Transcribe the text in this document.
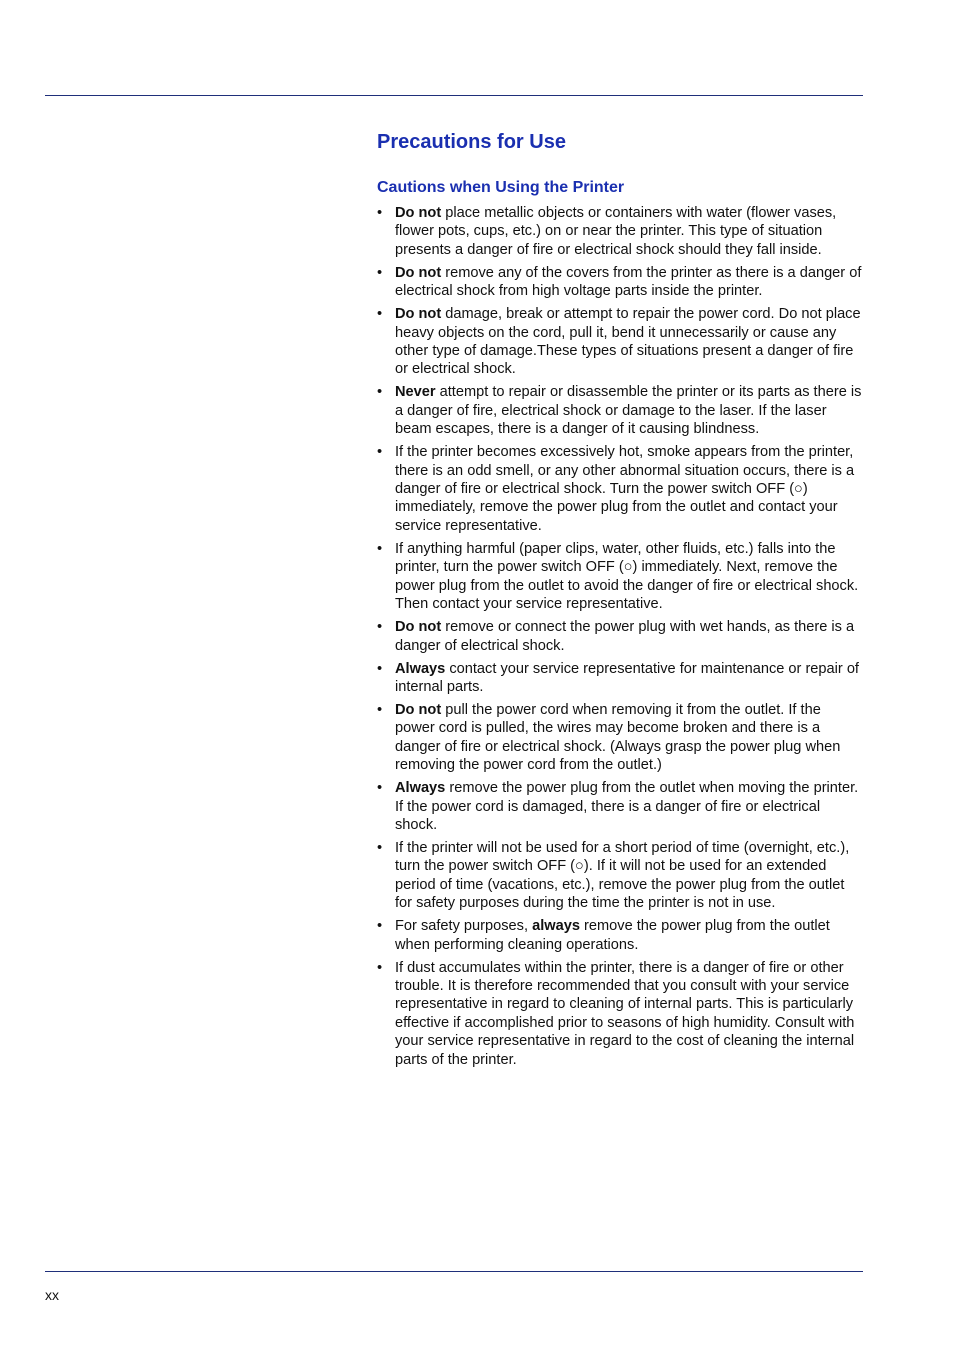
Precautions for Use
Cautions when Using the Printer
• Do not place metallic objects or containers with water (flower vases, flower pots, cups, etc.) on or near the printer. This type of situation presents a danger of fire or electrical shock should they fall inside.
• Do not remove any of the covers from the printer as there is a danger of electrical shock from high voltage parts inside the printer.
• Do not damage, break or attempt to repair the power cord. Do not place heavy objects on the cord, pull it, bend it unnecessarily or cause any other type of damage.These types of situations present a danger of fire or electrical shock.
• Never attempt to repair or disassemble the printer or its parts as there is a danger of fire, electrical shock or damage to the laser. If the laser beam escapes, there is a danger of it causing blindness.
• If the printer becomes excessively hot, smoke appears from the printer, there is an odd smell, or any other abnormal situation occurs, there is a danger of fire or electrical shock. Turn the power switch OFF (○) immediately, remove the power plug from the outlet and contact your service representative.
• If anything harmful (paper clips, water, other fluids, etc.) falls into the printer, turn the power switch OFF (○) immediately. Next, remove the power plug from the outlet to avoid the danger of fire or electrical shock. Then contact your service representative.
• Do not remove or connect the power plug with wet hands, as there is a danger of electrical shock.
• Always contact your service representative for maintenance or repair of internal parts.
• Do not pull the power cord when removing it from the outlet. If the power cord is pulled, the wires may become broken and there is a danger of fire or electrical shock. (Always grasp the power plug when removing the power cord from the outlet.)
• Always remove the power plug from the outlet when moving the printer. If the power cord is damaged, there is a danger of fire or electrical shock.
• If the printer will not be used for a short period of time (overnight, etc.), turn the power switch OFF (○). If it will not be used for an extended period of time (vacations, etc.), remove the power plug from the outlet for safety purposes during the time the printer is not in use.
• For safety purposes, always remove the power plug from the outlet when performing cleaning operations.
• If dust accumulates within the printer, there is a danger of fire or other trouble. It is therefore recommended that you consult with your service representative in regard to cleaning of internal parts. This is particularly effective if accomplished prior to seasons of high humidity. Consult with your service representative in regard to the cost of cleaning the internal parts of the printer.
xx
